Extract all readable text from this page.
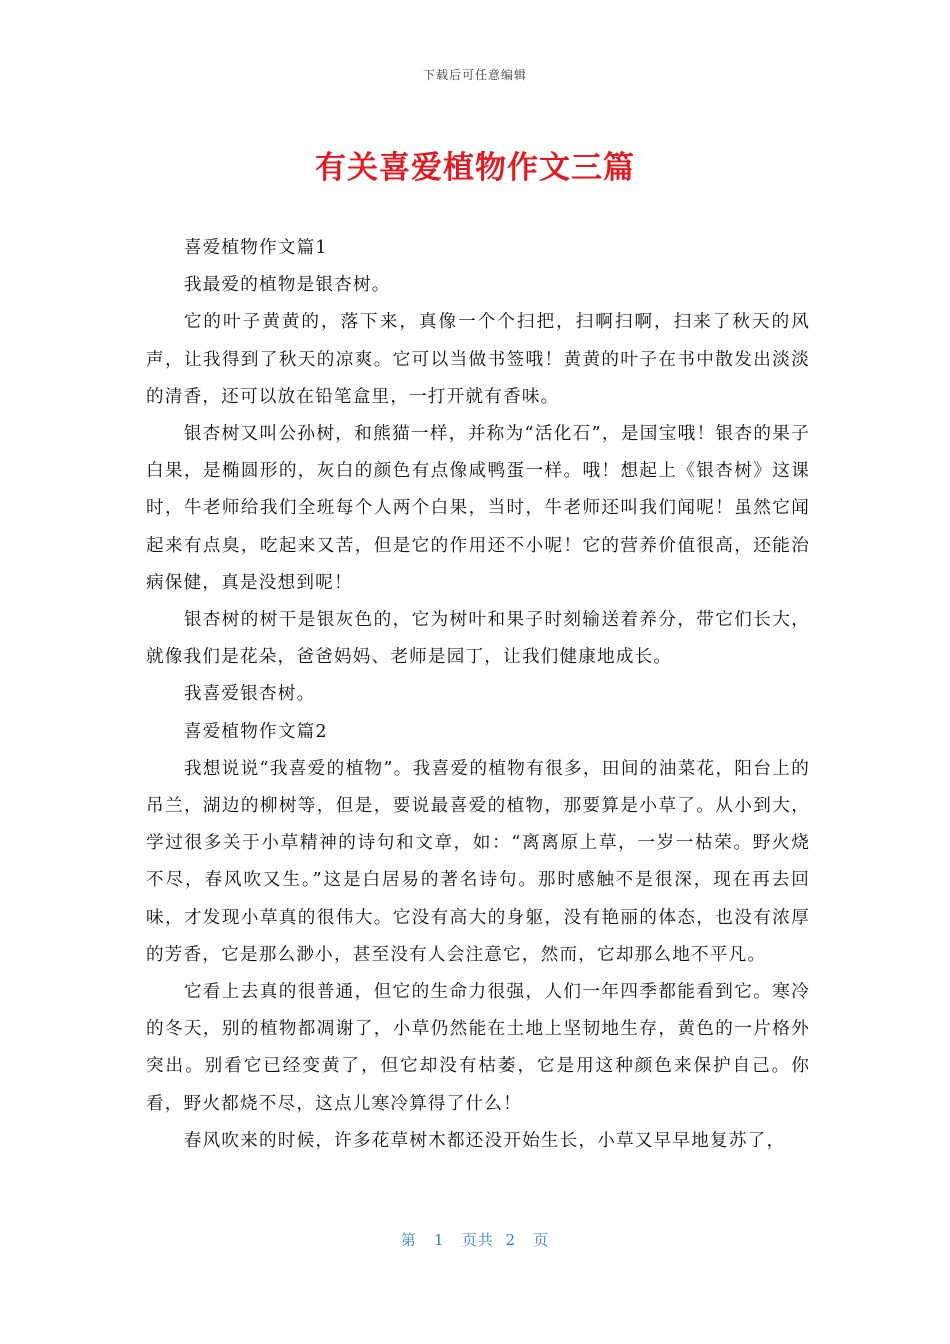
下载后可任意编辑
有关喜爱植物作文三篇

喜爱植物作文篇1

我最爱的植物是银杏树。

它的叶子黄黄的，落下来，真像一个个扫把，扫啊扫啊，扫来了秋天的风声，让我得到了秋天的凉爽。它可以当做书签哦！黄黄的叶子在书中散发出淡淡的清香，还可以放在铅笔盒里，一打开就有香味。

银杏树又叫公孙树，和熊猫一样，并称为“活化石”，是国宝哦！银杏的果子白果，是椭圆形的，灰白的颜色有点像咸鸭蛋一样。哦！想起上《银杏树》这课时，牛老师给我们全班每个人两个白果，当时，牛老师还叫我们闻呢！虽然它闻起来有点臭，吃起来又苦，但是它的作用还不小呢！它的营养价值很高，还能治病保健，真是没想到呢！

银杏树的树干是银灰色的，它为树叶和果子时刻输送着养分，带它们长大，就像我们是花朵，爸爸妈妈、老师是园丁，让我们健康地成长。

我喜爱银杏树。

喜爱植物作文篇2

我想说说“我喜爱的植物”。我喜爱的植物有很多，田间的油菜花，阳台上的吊兰，湖边的柳树等，但是，要说最喜爱的植物，那要算是小草了。从小到大，学过很多关于小草精神的诗句和文章，如：“离离原上草，一岁一枯荣。野火烧不尽，春风吹又生。”这是白居易的著名诗句。那时感触不是很深，现在再去回味，才发现小草真的很伟大。它没有高大的身躯，没有艳丽的体态，也没有浓厚的芳香，它是那么渺小，甚至没有人会注意它，然而，它却那么地不平凡。

它看上去真的很普通，但它的生命力很强，人们一年四季都能看到它。寒冷的冬天，别的植物都凋谢了，小草仍然能在土地上坚韧地生存，黄色的一片格外突出。别看它已经变黄了，但它却没有枯萎，它是用这种颜色来保护自己。你看，野火都烧不尽，这点儿寒冷算得了什么！

春风吹来的时候，许多花草树木都还没开始生长，小草又早早地复苏了，

第 1 页共 2 页
